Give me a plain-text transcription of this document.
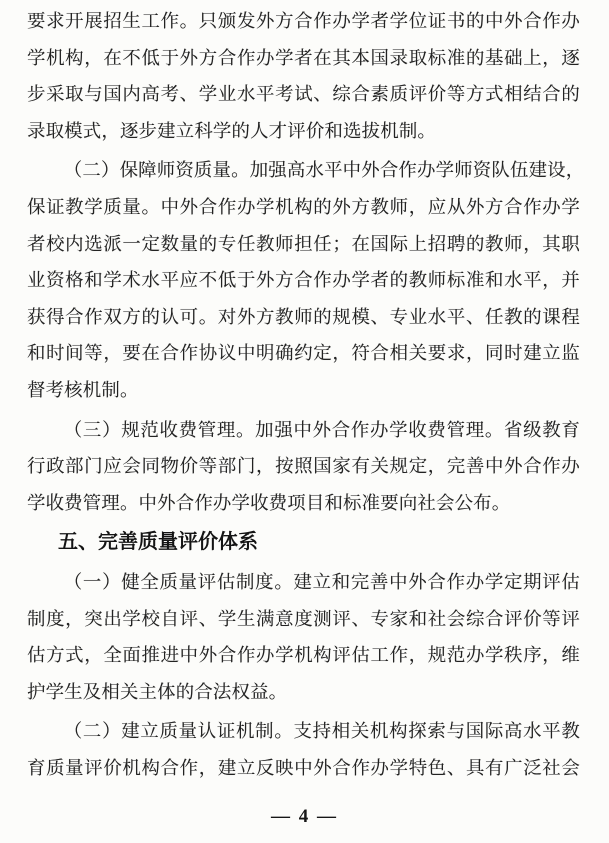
要求开展招生工作。只颁发外方合作办学者学位证书的中外合作办
学机构，在不低于外方合作办学者在其本国录取标准的基础上，逐
步采取与国内高考、学业水平考试、综合素质评价等方式相结合的
录取模式，逐步建立科学的人才评价和选拔机制。
（二）保障师资质量。加强高水平中外合作办学师资队伍建设，
保证教学质量。中外合作办学机构的外方教师，应从外方合作办学
者校内选派一定数量的专任教师担任；在国际上招聘的教师，其职
业资格和学术水平应不低于外方合作办学者的教师标准和水平，并
获得合作双方的认可。对外方教师的规模、专业水平、任教的课程
和时间等，要在合作协议中明确约定，符合相关要求，同时建立监
督考核机制。
（三）规范收费管理。加强中外合作办学收费管理。省级教育
行政部门应会同物价等部门，按照国家有关规定，完善中外合作办
学收费管理。中外合作办学收费项目和标准要向社会公布。
五、完善质量评价体系
（一）健全质量评估制度。建立和完善中外合作办学定期评估
制度，突出学校自评、学生满意度测评、专家和社会综合评价等评
估方式，全面推进中外合作办学机构评估工作，规范办学秩序，维
护学生及相关主体的合法权益。
（二）建立质量认证机制。支持相关机构探索与国际高水平教
育质量评价机构合作，建立反映中外合作办学特色、具有广泛社会
— 4 —
